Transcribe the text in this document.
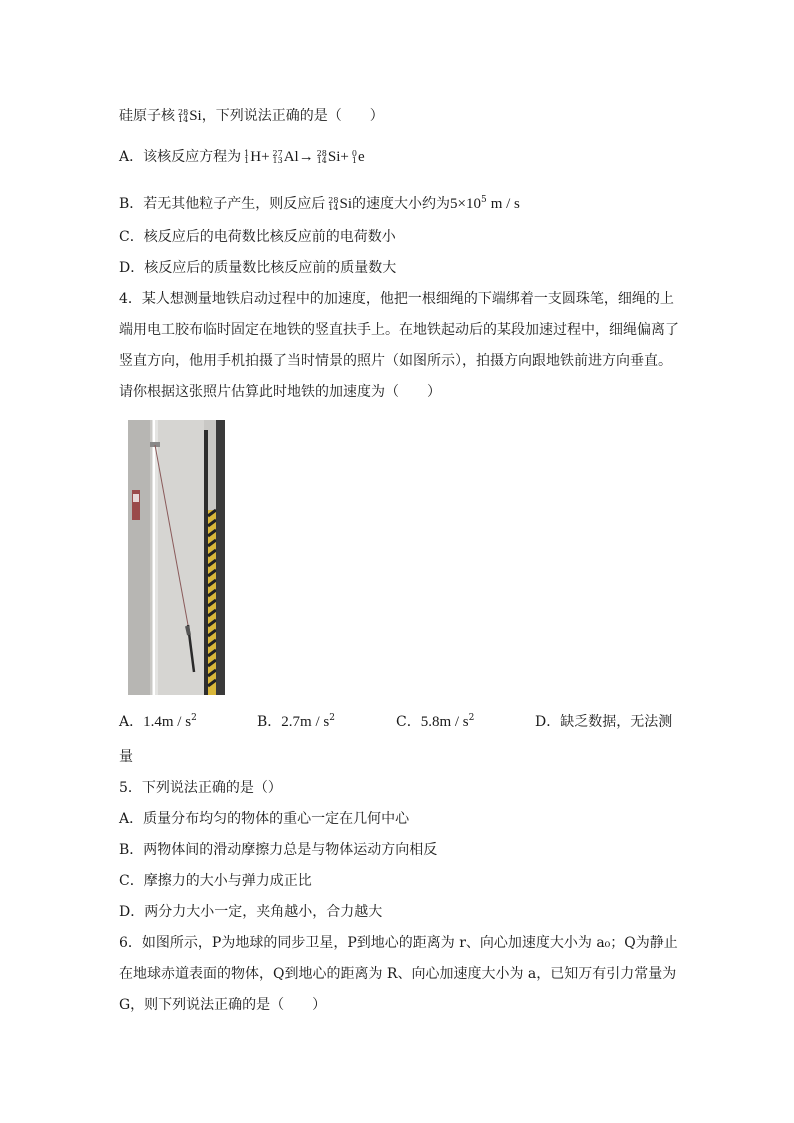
硅原子核 28
14 Si，下列说法正确的是（　　）
A．该核反应方程为 1
1 H+ 27
13 Al→ 28
14 Si+ 0
1 e
B．若无其他粒子产生，则反应后 28
14 Si的速度大小约为$5\times 10^5$ m / s
C．核反应后的电荷数比核反应前的电荷数小
D．核反应后的质量数比核反应前的质量数大
4．某人想测量地铁启动过程中的加速度，他把一根细绳的下端绑着一支圆珠笔，细绳的上
端用电工胶布临时固定在地铁的竖直扶手上。在地铁起动后的某段加速过程中，细绳偏离了
竖直方向，他用手机拍摄了当时情景的照片（如图所示），拍摄方向跟地铁前进方向垂直。
请你根据这张照片估算此时地铁的加速度为（　　）
A．$1.4m / s^2$	B．$2.7m / s^2$	C．$5.8m / s^2$	D．缺乏数据，无法测
量
5．下列说法正确的是（）
A．质量分布均匀的物体的重心一定在几何中心
B．两物体间的滑动摩擦力总是与物体运动方向相反
C．摩擦力的大小与弹力成正比
D．两分力大小一定，夹角越小，合力越大
6．如图所示，P为地球的同步卫星，P到地心的距离为 r、向心加速度大小为 a₀；Q为静止
在地球赤道表面的物体，Q到地心的距离为 R、向心加速度大小为 a，已知万有引力常量为
G，则下列说法正确的是（　　）
